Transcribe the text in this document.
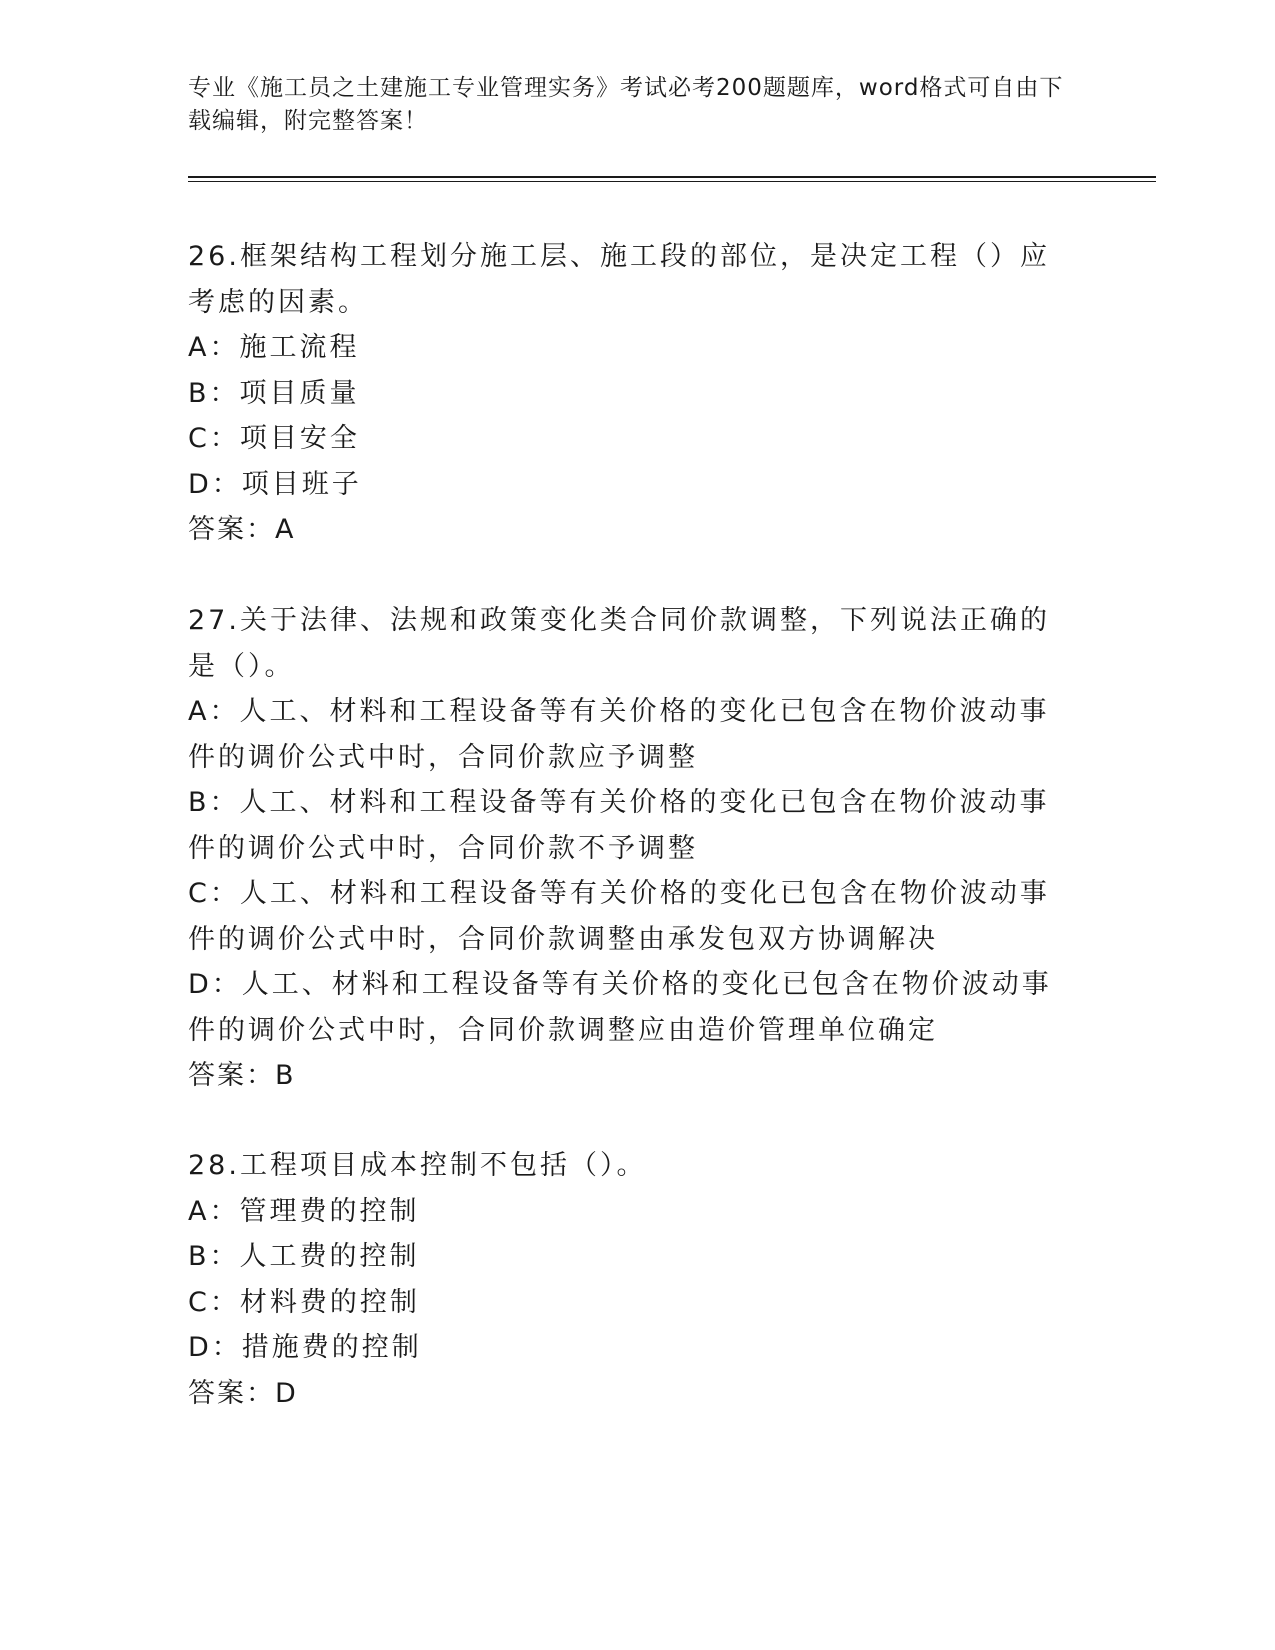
专业《施工员之土建施工专业管理实务》考试必考200题题库，word格式可自由下载编辑，附完整答案！
26.框架结构工程划分施工层、施工段的部位，是决定工程（）应考虑的因素。
A：施工流程
B：项目质量
C：项目安全
D：项目班子
答案：A
27.关于法律、法规和政策变化类合同价款调整，下列说法正确的是（）。
A：人工、材料和工程设备等有关价格的变化已包含在物价波动事件的调价公式中时，合同价款应予调整
B：人工、材料和工程设备等有关价格的变化已包含在物价波动事件的调价公式中时，合同价款不予调整
C：人工、材料和工程设备等有关价格的变化已包含在物价波动事件的调价公式中时，合同价款调整由承发包双方协调解决
D：人工、材料和工程设备等有关价格的变化已包含在物价波动事件的调价公式中时，合同价款调整应由造价管理单位确定
答案：B
28.工程项目成本控制不包括（）。
A：管理费的控制
B：人工费的控制
C：材料费的控制
D：措施费的控制
答案：D
